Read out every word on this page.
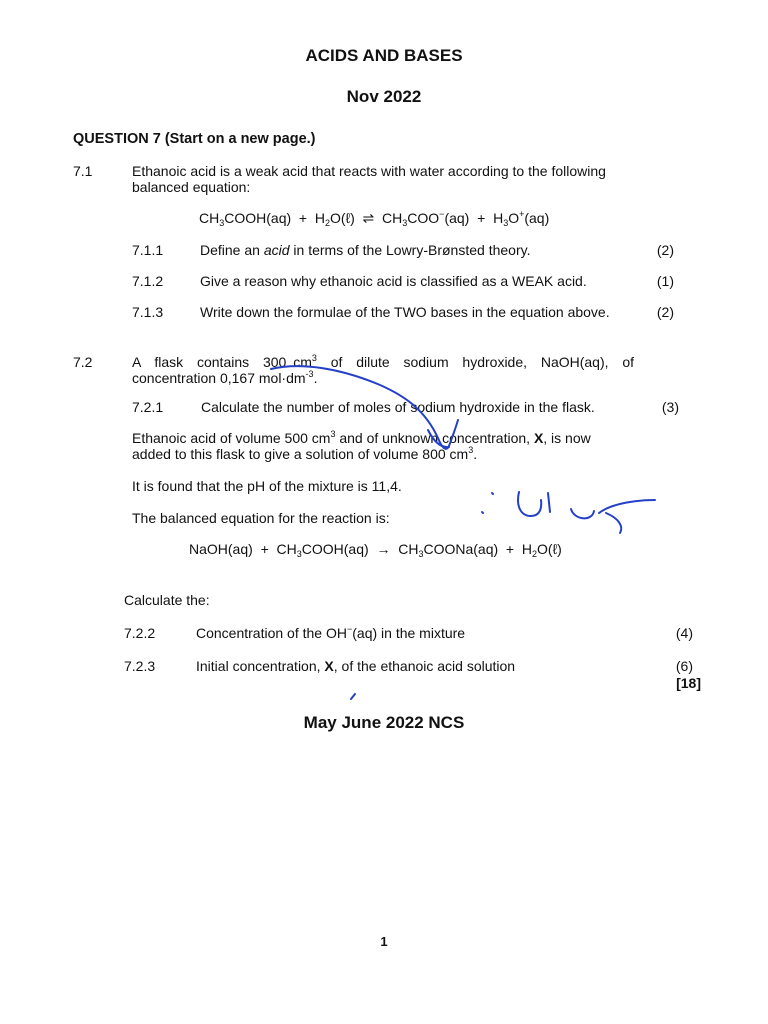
ACIDS AND BASES
Nov 2022
QUESTION 7 (Start on a new page.)
7.1	Ethanoic acid is a weak acid that reacts with water according to the following
balanced equation:
$CH_3COOH(aq)$  +  $H_2O(\ell)$  ⇌  $CH_3COO^-(aq) + H_3O^+(aq)$
7.1.1	Define an acid in terms of the Lowry-Brønsted theory.	(2)
7.1.2	Give a reason why ethanoic acid is classified as a WEAK acid.	(1)
7.1.3	Write down the formulae of the TWO bases in the equation above.	(2)
7.2	A  flask  contains  300 $cm^3$  of  dilute  sodium  hydroxide,  NaOH(aq),  of
concentration 0,167 $mol\cdot dm^{-3}$.
7.2.1	Calculate the number of moles of sodium hydroxide in the flask.	(3)
Ethanoic acid of volume 500 $cm^3$ and of unknown concentration, X, is now
added to this flask to give a solution of volume 800 $cm^3$.
It is found that the pH of the mixture is 11,4.
The balanced equation for the reaction is:
NaOH(aq)  +  $CH_3COOH(aq)$  →  $CH_3COONa(aq)$  +  $H_2O(\ell)$
Calculate the:
7.2.2	Concentration of the OH−(aq) in the mixture	(4)
7.2.3	Initial concentration, X, of the ethanoic acid solution	(6)
[18]
May June 2022 NCS
1
